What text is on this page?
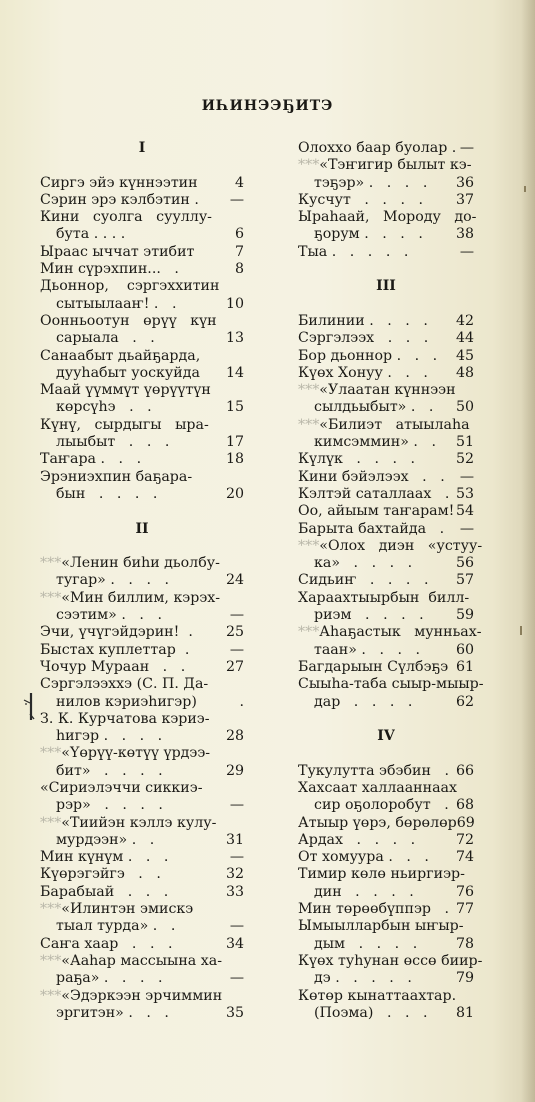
ИҺИНЭЭҔИТЭ
I
Сиргэ эйэ күннээтин	4
Сэрин эрэ кэлбэтин . —
Кини   суолга   сууллу-
бута . . . .	6
Ыраас ыччат этибит	7
Мин сүрэхпин...   .	8
Дьоннор,    сэргэххитин
сытыылааҥ! .   .	10
Оонньоотун   өрүү   күн
сарыала   .   .	13
Санаабыт дьайҕарда,
дууһабыт уоскуйда 14
Маай үүммүт үөрүүтүн
көрсүһэ   .   .	15
Күнү,   сырдыгы   ыра-
лыыбыт   .   .   .	17
Таҥара .   .   .	18
Эрэниэхпин баҕара-
бын   .   .   .   .	20
II
***«Ленин биһи дьолбу-
тугар» .   .   .   .	24
***«Мин биллим, кэрэх-
сээтим» .   .   .	—
Эчи, үчүгэйдэрин!  . 25
Быстах куплеттар  .	—
Чочур Мураан   .   .	27
Сэргэлээххэ (С. П. Да-
нилов кэриэһигэр)	.
З. К. Курчатова кэриэ-
һигэр .   .   .   .	28
***«Үөрүү-көтүү үрдээ-
бит»   .   .   .   .	29
«Сириэлэччи сиккиэ-
рэр»   .   .   .   .	—
***«Тиийэн кэллэ кулу-
мурдээн» .   .	31
Мин күнүм .   .   .	—
Күөрэгэйгэ   .   .	32
Барабыай   .   .   .	33
***«Илинтэн эмискэ
тыал турда» .   .	—
Саҥа хаар   .   .   .	34
***«Ааһар массыына ха-
раҕа» .   .   .   .	—
***«Эдэркээн эрчиммин
эргитэн» .   .   .	35
Олоххо баар буолар . —
***«Тэҥигир былыт кэ-
тэҕэр» .   .   .   . 36
Кусчут   .   .   .   . 37
Ыраһаай,   Мороду   до-
ҕорум .   .   .   . 38
Тыа .   .   .   .   .	—
III
Билинии .   .   .   . 42
Сэргэлээх   .   .   . 44
Бор дьоннор .   .   . 45
Күөх Хонуу .   .   . 48
***«Улаатан күннээн
сылдьыбыт» .   . 50
***«Билиэт   атыылаһа
кимсэммин» .   . 51
Күлүк   .   .   .   .	52
Кини бэйэлээх   .   . —
Кэлтэй саталлаах   . 53
Оо, айыым таҥарам! 54
Барыта бахтайда   . —
***«Олох   диэн   «устуу-
ка»   .   .   .   .	56
Сидьиҥ   .   .   .   . 57
Хараахтыырбын  билл-
риэм   .   .   .   . 59
***Аһаҕастык   мунньах-
таан» .   .   .   .	60
Багдарыын Сүлбэҕэ 61
Сыыһа-таба сыыр-мыыр-
дар   .   .   .   .	62
IV
Тукулутта эбэбин   . 66
Хахсаат халлааннаах
сир оҕолоробут   . 68
Атыыр үөрэ, бөрөлөр 69
Ардах   .   .   .   .	72
От хомуура .   .   . 74
Тимир көлө ньиргиэр-
дин   .   .   .   .	76
Мин төрөөбүппэр   . 77
Ымыылларбын ыҥыр-
дым   .   .   .   .	78
Күөх туһунан өссө биир-
дэ .   .   .   .   .	79
Көтөр кынаттаахтар.
(Поэма)   .   .   . 81
